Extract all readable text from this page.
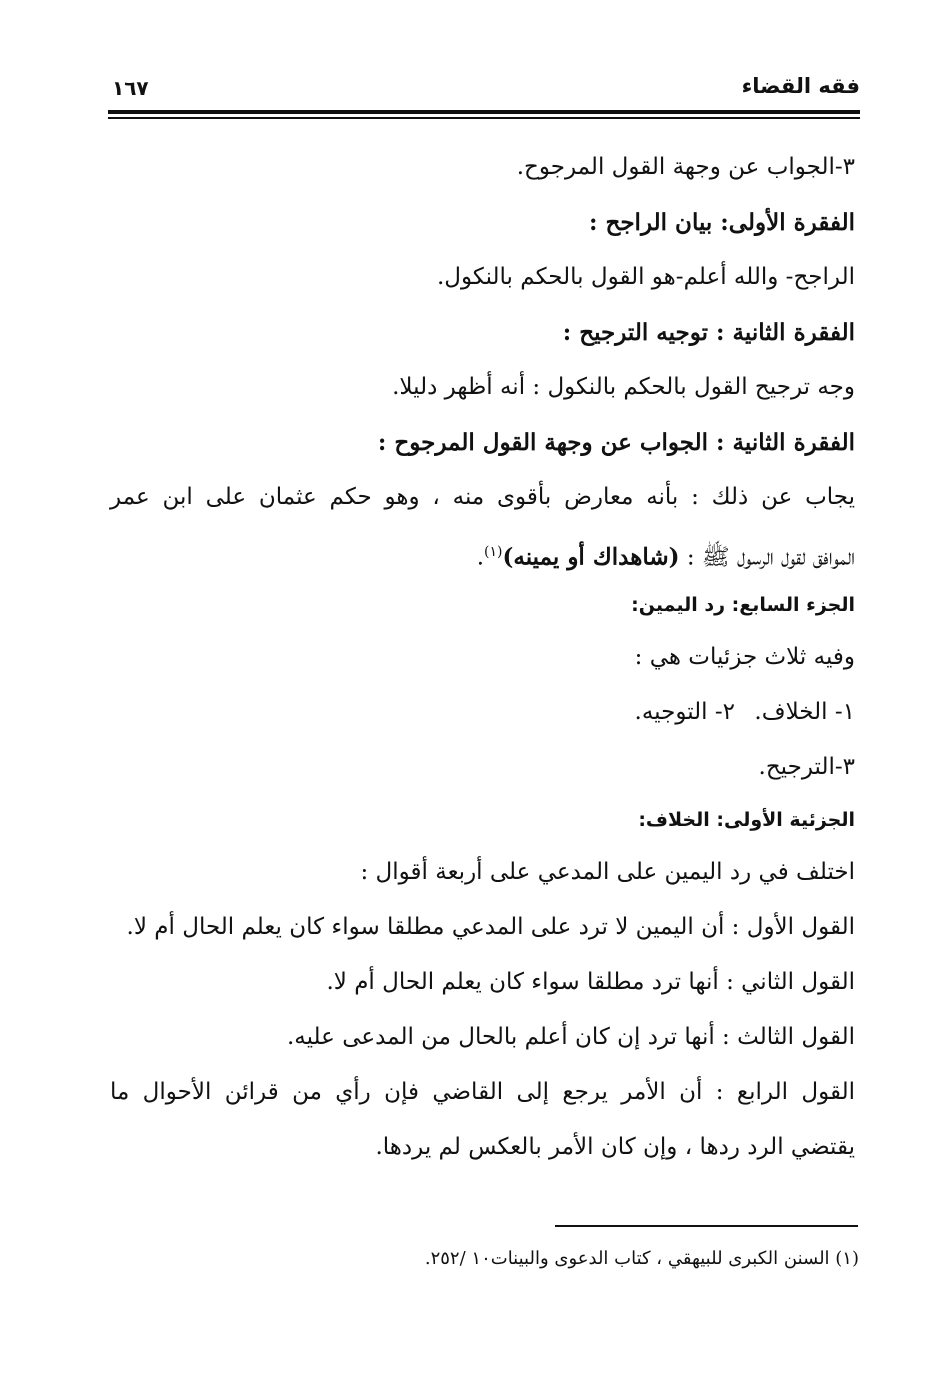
فقه القضاء
١٦٧
٣-الجواب عن وجهة القول المرجوح.
الفقرة الأولى: بيان الراجح :
الراجح- والله أعلم-هو القول بالحكم بالنكول.
الفقرة الثانية : توجيه الترجيح :
وجه ترجيح القول بالحكم بالنكول : أنه أظهر دليلا.
الفقرة الثانية : الجواب عن وجهة القول المرجوح :
يجاب عن ذلك : بأنه معارض بأقوى منه ، وهو حكم عثمان على ابن عمر
الموافق لقول الرسول ﷺ : (شاهداك أو يمينه)$^{(١)}$.
الجزء السابع: رد اليمين:
وفيه ثلاث جزئيات هي :
١- الخلاف.
٢- التوجيه.
٣-الترجيح.
الجزئية الأولى: الخلاف:
اختلف في رد اليمين على المدعي على أربعة أقوال :
القول الأول : أن اليمين لا ترد على المدعي مطلقا سواء كان يعلم الحال أم لا.
القول الثاني : أنها ترد مطلقا سواء كان يعلم الحال أم لا.
القول الثالث : أنها ترد إن كان أعلم بالحال من المدعى عليه.
القول الرابع : أن الأمر يرجع إلى القاضي فإن رأي من قرائن الأحوال ما
يقتضي الرد ردها ، وإن كان الأمر بالعكس لم يردها.
(١) السنن الكبرى للبيهقي ، كتاب الدعوى والبينات١٠ /٢٥٢.
